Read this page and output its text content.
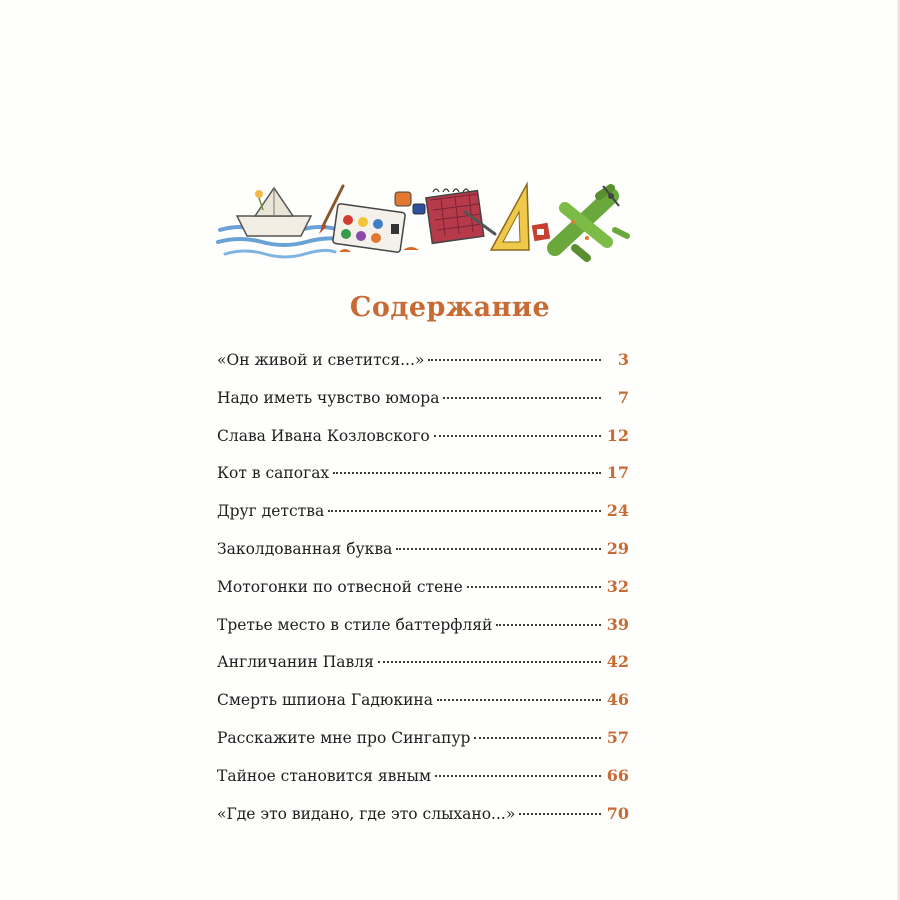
Содержание
«Он живой и светится...»	3
Надо иметь чувство юмора	7
Слава Ивана Козловского	12
Кот в сапогах	17
Друг детства	24
Заколдованная буква	29
Мотогонки по отвесной стене	32
Третье место в стиле баттерфляй	39
Англичанин Павля	42
Смерть шпиона Гадюкина	46
Расскажите мне про Сингапур	57
Тайное становится явным	66
«Где это видано, где это слыхано...»	70
